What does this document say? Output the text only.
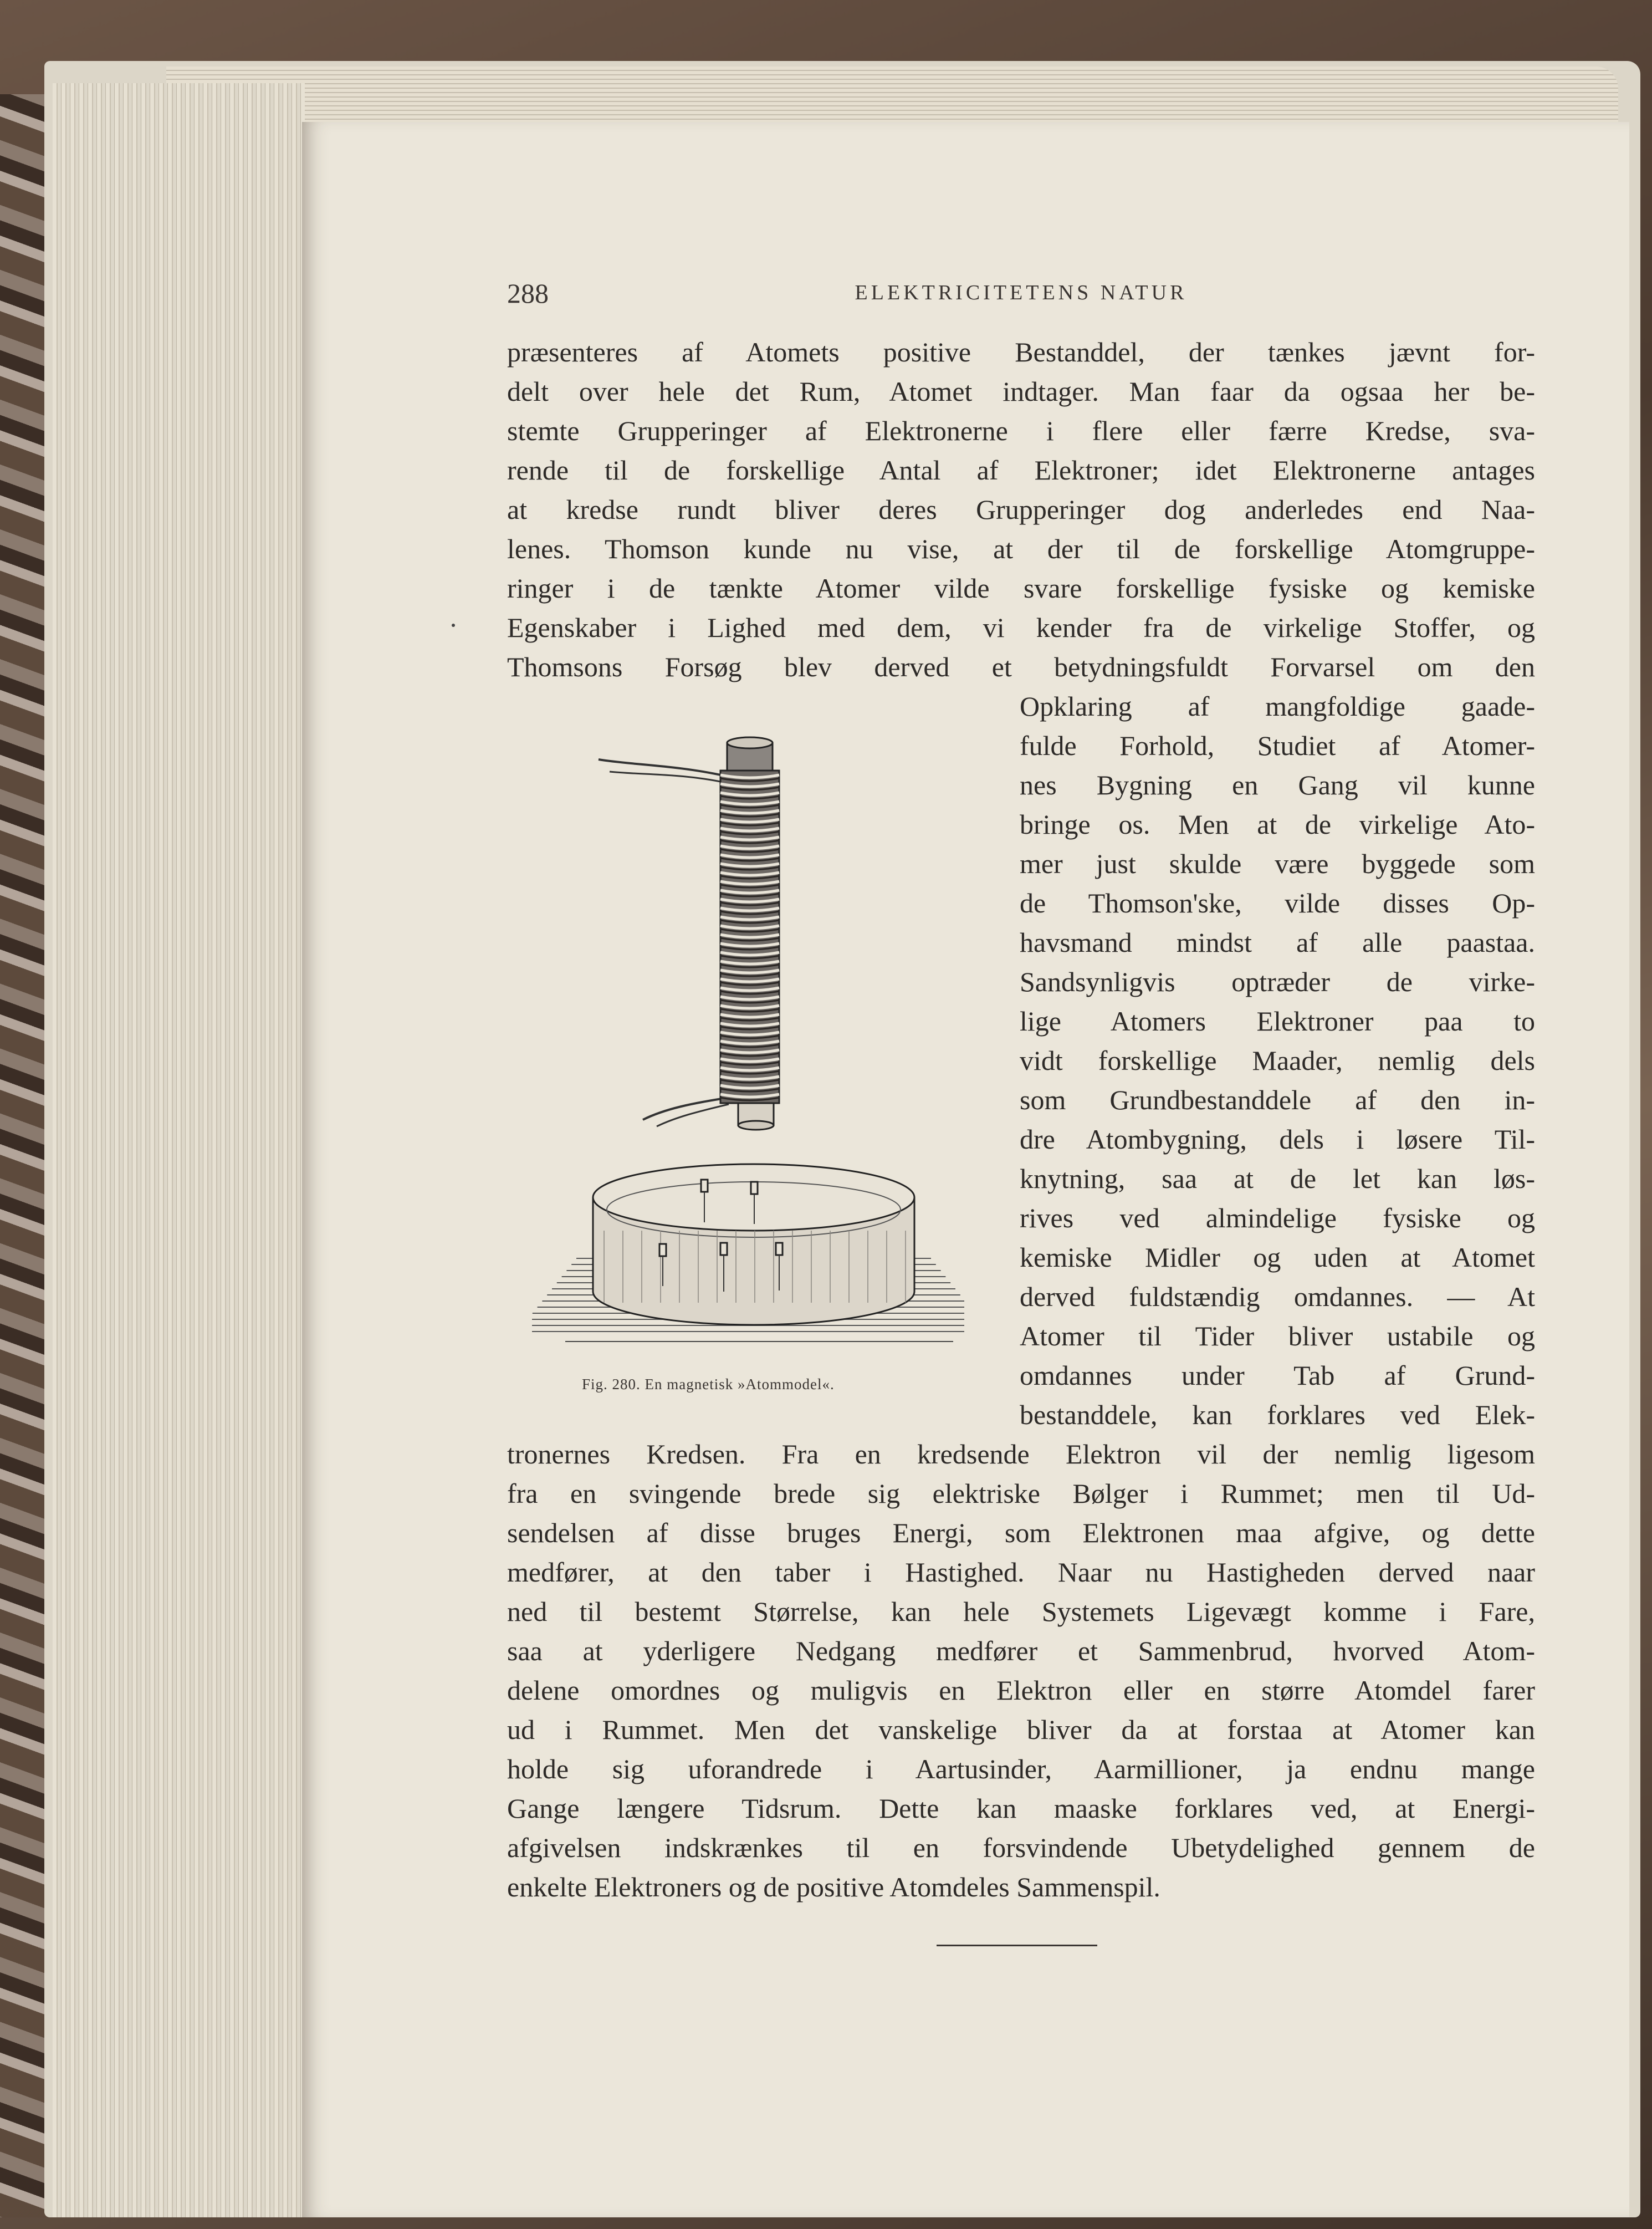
288	ELEKTRICITETENS NATUR
præsenteres af Atomets positive Bestanddel, der tænkes jævnt for-
delt over hele det Rum, Atomet indtager. Man faar da ogsaa her be-
stemte Grupperinger af Elektronerne i flere eller færre Kredse, sva-
rende til de forskellige Antal af Elektroner; idet Elektronerne antages
at kredse rundt bliver deres Grupperinger dog anderledes end Naa-
lenes. Thomson kunde nu vise, at der til de forskellige Atomgruppe-
ringer i de tænkte Atomer vilde svare forskellige fysiske og kemiske
Egenskaber i Lighed med dem, vi kender fra de virkelige Stoffer, og
Thomsons Forsøg blev derved et betydningsfuldt Forvarsel om den
Opklaring af mangfoldige gaade-
fulde Forhold, Studiet af Atomer-
nes Bygning en Gang vil kunne
bringe os. Men at de virkelige Ato-
mer just skulde være byggede som
de Thomson'ske, vilde disses Op-
havsmand mindst af alle paastaa.
Sandsynligvis optræder de virke-
lige Atomers Elektroner paa to
vidt forskellige Maader, nemlig dels
som Grundbestanddele af den in-
dre Atombygning, dels i løsere Til-
knytning, saa at de let kan løs-
rives ved almindelige fysiske og
kemiske Midler og uden at Atomet
derved fuldstændig omdannes. — At
Atomer til Tider bliver ustabile og
omdannes under Tab af Grund-
bestanddele, kan forklares ved Elek-
tronernes Kredsen. Fra en kredsende Elektron vil der nemlig ligesom
fra en svingende brede sig elektriske Bølger i Rummet; men til Ud-
sendelsen af disse bruges Energi, som Elektronen maa afgive, og dette
medfører, at den taber i Hastighed. Naar nu Hastigheden derved naar
ned til bestemt Størrelse, kan hele Systemets Ligevægt komme i Fare,
saa at yderligere Nedgang medfører et Sammenbrud, hvorved Atom-
delene omordnes og muligvis en Elektron eller en større Atomdel farer
ud i Rummet. Men det vanskelige bliver da at forstaa at Atomer kan
holde sig uforandrede i Aartusinder, Aarmillioner, ja endnu mange
Gange længere Tidsrum. Dette kan maaske forklares ved, at Energi-
afgivelsen indskrænkes til en forsvindende Ubetydelighed gennem de
enkelte Elektroners og de positive Atomdeles Sammenspil.
Fig. 280. En magnetisk »Atommodel«.
